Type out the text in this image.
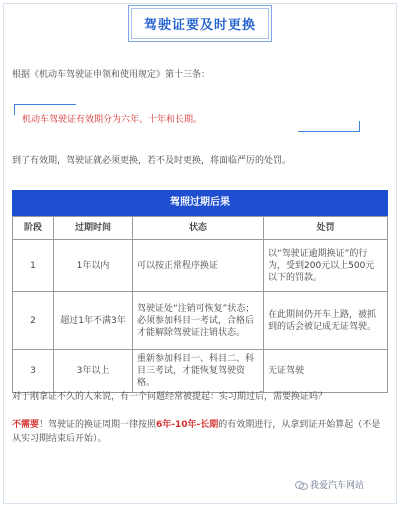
驾驶证要及时更换
根据《机动车驾驶证申领和使用规定》第十三条：
机动车驾驶证有效期分为六年、十年和长期。
到了有效期，驾驶证就必须更换，若不及时更换，将面临严厉的处罚。
驾照过期后果
阶段	过期时间	状态	处罚
1	1年以内	可以按正常程序换证	以“驾驶证逾期换证”的行为，受到200元以上500元以下的罚款。
2	超过1年不满3年	驾驶证处“注销可恢复”状态；必须参加科目一考试，合格后才能解除驾驶证注销状态。	在此期间仍开车上路，被抓到的话会被记成无证驾驶。
3	3年以上	重新参加科目一、科目二、科目三考试，才能恢复驾驶资格。	无证驾驶
对于刚拿证不久的人来说，有一个问题经常被提起：实习期过后，需要换证吗？
不需要！驾驶证的换证周期一律按照6年-10年-长期的有效期进行，从拿到证开始算起（不是从实习期结束后开始）。
我爱汽车网站
